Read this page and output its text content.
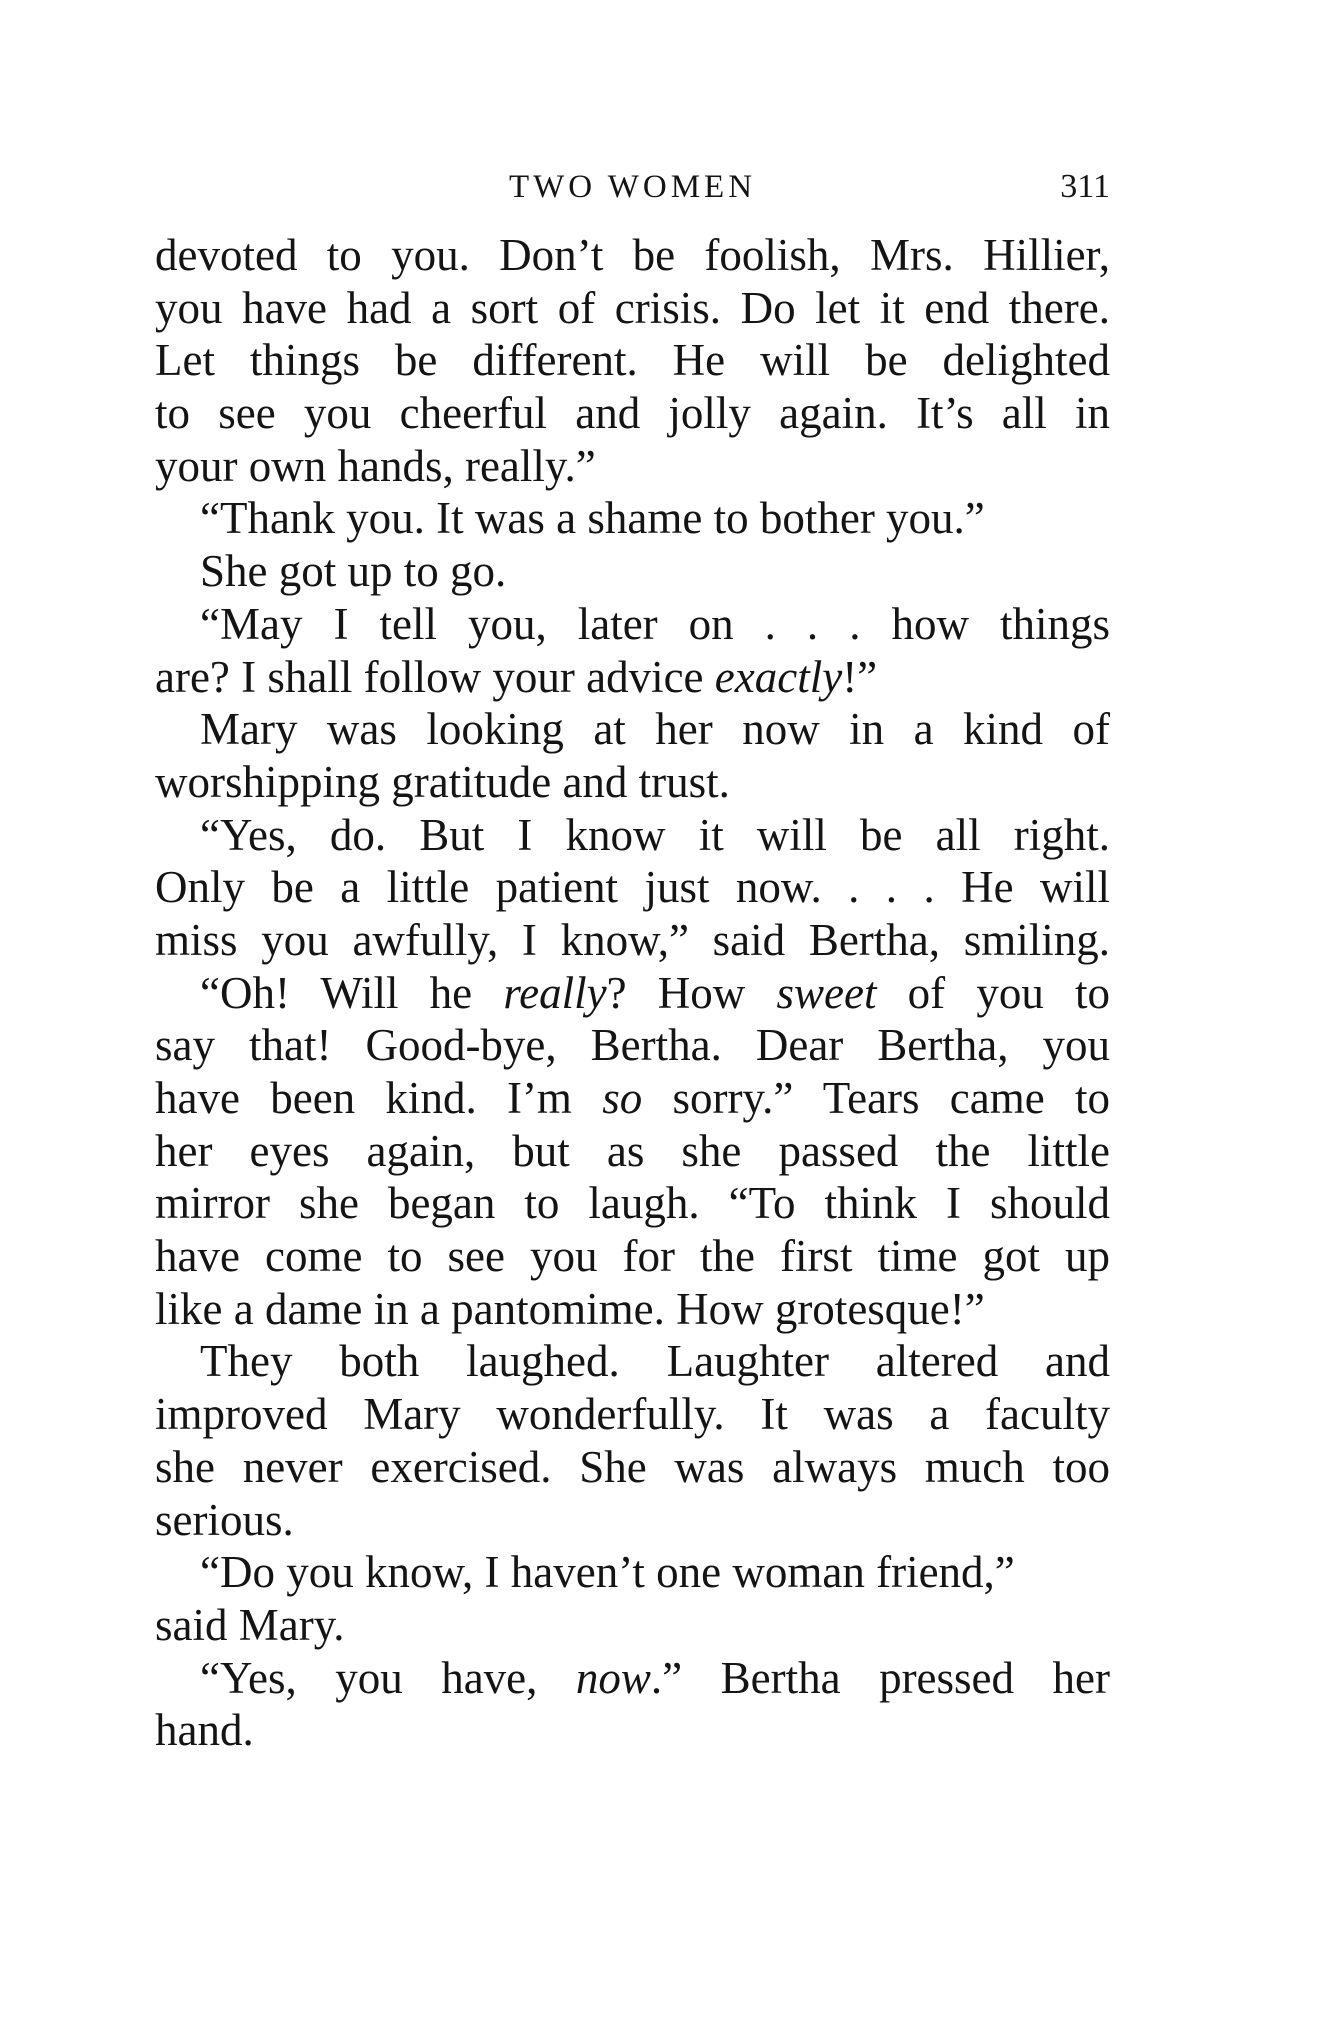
TWO WOMEN	311
devoted to you. Don’t be foolish, Mrs. Hillier,
you have had a sort of crisis. Do let it end there.
Let things be different. He will be delighted
to see you cheerful and jolly again. It’s all in
your own hands, really.”
“Thank you. It was a shame to bother you.”
She got up to go.
“May I tell you, later on . . . how things
are? I shall follow your advice exactly!”
Mary was looking at her now in a kind of
worshipping gratitude and trust.
“Yes, do. But I know it will be all right.
Only be a little patient just now. . . . He will
miss you awfully, I know,” said Bertha, smiling.
“Oh! Will he really? How sweet of you to
say that! Good-bye, Bertha. Dear Bertha, you
have been kind. I’m so sorry.” Tears came to
her eyes again, but as she passed the little
mirror she began to laugh. “To think I should
have come to see you for the first time got up
like a dame in a pantomime. How grotesque!”
They both laughed. Laughter altered and
improved Mary wonderfully. It was a faculty
she never exercised. She was always much too
serious.
“Do you know, I haven’t one woman friend,”
said Mary.
“Yes, you have, now.” Bertha pressed her
hand.
